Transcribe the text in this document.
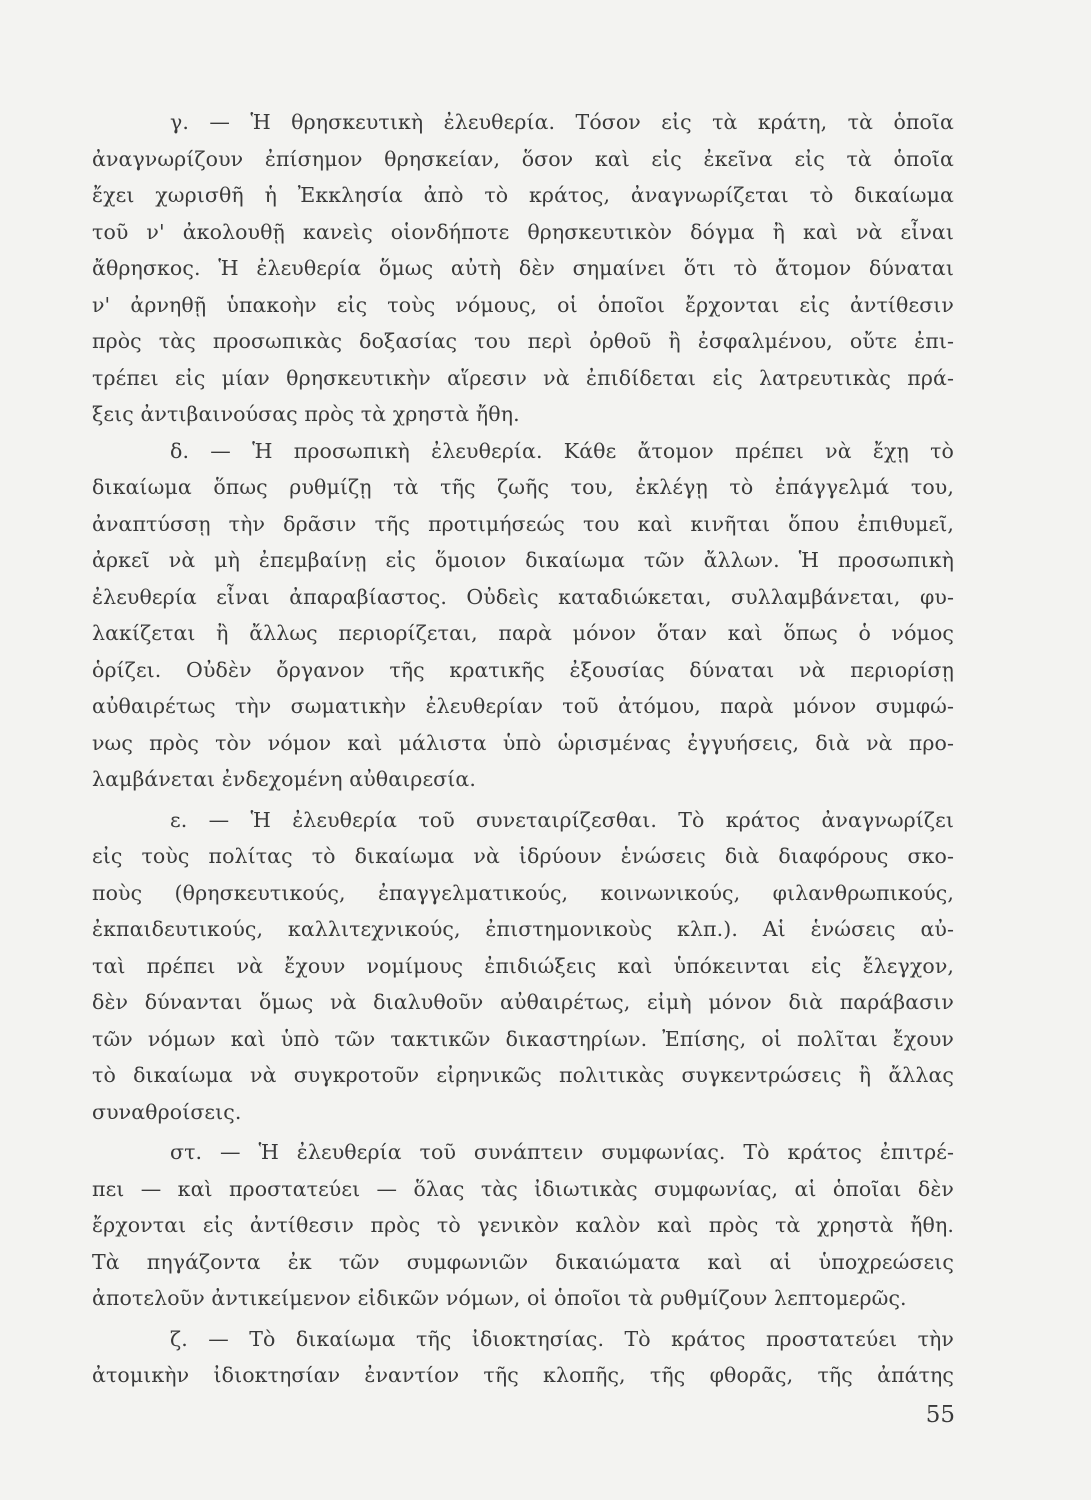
γ. — Ἡ θρησκευτικὴ ἐλευθερία. Τόσον εἰς τὰ κράτη, τὰ ὁποῖα
ἀναγνωρίζουν ἐπίσημον θρησκείαν, ὅσον καὶ εἰς ἐκεῖνα εἰς τὰ ὁποῖα
ἔχει χωρισθῆ ἡ Ἐκκλησία ἀπὸ τὸ κράτος, ἀναγνωρίζεται τὸ δικαίωμα
τοῦ ν' ἀκολουθῇ κανεὶς οἱονδήποτε θρησκευτικὸν δόγμα ἢ καὶ νὰ εἶναι
ἄθρησκος. Ἡ ἐλευθερία ὅμως αὐτὴ δὲν σημαίνει ὅτι τὸ ἄτομον δύναται
ν' ἀρνηθῇ ὑπακοὴν εἰς τοὺς νόμους, οἱ ὁποῖοι ἔρχονται εἰς ἀντίθεσιν
πρὸς τὰς προσωπικὰς δοξασίας του περὶ ὀρθοῦ ἢ ἐσφαλμένου, οὔτε ἐπι-
τρέπει εἰς μίαν θρησκευτικὴν αἵρεσιν νὰ ἐπιδίδεται εἰς λατρευτικὰς πρά-
ξεις ἀντιβαινούσας πρὸς τὰ χρηστὰ ἤθη.
δ. — Ἡ προσωπικὴ ἐλευθερία. Κάθε ἄτομον πρέπει νὰ ἔχῃ τὸ
δικαίωμα ὅπως ρυθμίζῃ τὰ τῆς ζωῆς του, ἐκλέγῃ τὸ ἐπάγγελμά του,
ἀναπτύσσῃ τὴν δρᾶσιν τῆς προτιμήσεώς του καὶ κινῆται ὅπου ἐπιθυμεῖ,
ἀρκεῖ νὰ μὴ ἐπεμβαίνῃ εἰς ὅμοιον δικαίωμα τῶν ἄλλων. Ἡ προσωπικὴ
ἐλευθερία εἶναι ἀπαραβίαστος. Οὐδεὶς καταδιώκεται, συλλαμβάνεται, φυ-
λακίζεται ἢ ἄλλως περιορίζεται, παρὰ μόνον ὅταν καὶ ὅπως ὁ νόμος
ὁρίζει. Οὐδὲν ὄργανον τῆς κρατικῆς ἐξουσίας δύναται νὰ περιορίσῃ
αὐθαιρέτως τὴν σωματικὴν ἐλευθερίαν τοῦ ἀτόμου, παρὰ μόνον συμφώ-
νως πρὸς τὸν νόμον καὶ μάλιστα ὑπὸ ὡρισμένας ἐγγυήσεις, διὰ νὰ προ-
λαμβάνεται ἐνδεχομένη αὐθαιρεσία.
ε. — Ἡ ἐλευθερία τοῦ συνεταιρίζεσθαι. Τὸ κράτος ἀναγνωρίζει
εἰς τοὺς πολίτας τὸ δικαίωμα νὰ ἱδρύουν ἑνώσεις διὰ διαφόρους σκο-
ποὺς (θρησκευτικούς, ἐπαγγελματικούς, κοινωνικούς, φιλανθρωπικούς,
ἐκπαιδευτικούς, καλλιτεχνικούς, ἐπιστημονικοὺς κλπ.). Αἱ ἑνώσεις αὐ-
ταὶ πρέπει νὰ ἔχουν νομίμους ἐπιδιώξεις καὶ ὑπόκεινται εἰς ἔλεγχον,
δὲν δύνανται ὅμως νὰ διαλυθοῦν αὐθαιρέτως, εἰμὴ μόνον διὰ παράβασιν
τῶν νόμων καὶ ὑπὸ τῶν τακτικῶν δικαστηρίων. Ἐπίσης, οἱ πολῖται ἔχουν
τὸ δικαίωμα νὰ συγκροτοῦν εἰρηνικῶς πολιτικὰς συγκεντρώσεις ἢ ἄλλας
συναθροίσεις.
στ. — Ἡ ἐλευθερία τοῦ συνάπτειν συμφωνίας. Τὸ κράτος ἐπιτρέ-
πει — καὶ προστατεύει — ὅλας τὰς ἰδιωτικὰς συμφωνίας, αἱ ὁποῖαι δὲν
ἔρχονται εἰς ἀντίθεσιν πρὸς τὸ γενικὸν καλὸν καὶ πρὸς τὰ χρηστὰ ἤθη.
Τὰ πηγάζοντα ἐκ τῶν συμφωνιῶν δικαιώματα καὶ αἱ ὑποχρεώσεις
ἀποτελοῦν ἀντικείμενον εἰδικῶν νόμων, οἱ ὁποῖοι τὰ ρυθμίζουν λεπτομερῶς.
ζ. — Τὸ δικαίωμα τῆς ἰδιοκτησίας. Τὸ κράτος προστατεύει τὴν
ἀτομικὴν ἰδιοκτησίαν ἐναντίον τῆς κλοπῆς, τῆς φθορᾶς, τῆς ἀπάτης
55
